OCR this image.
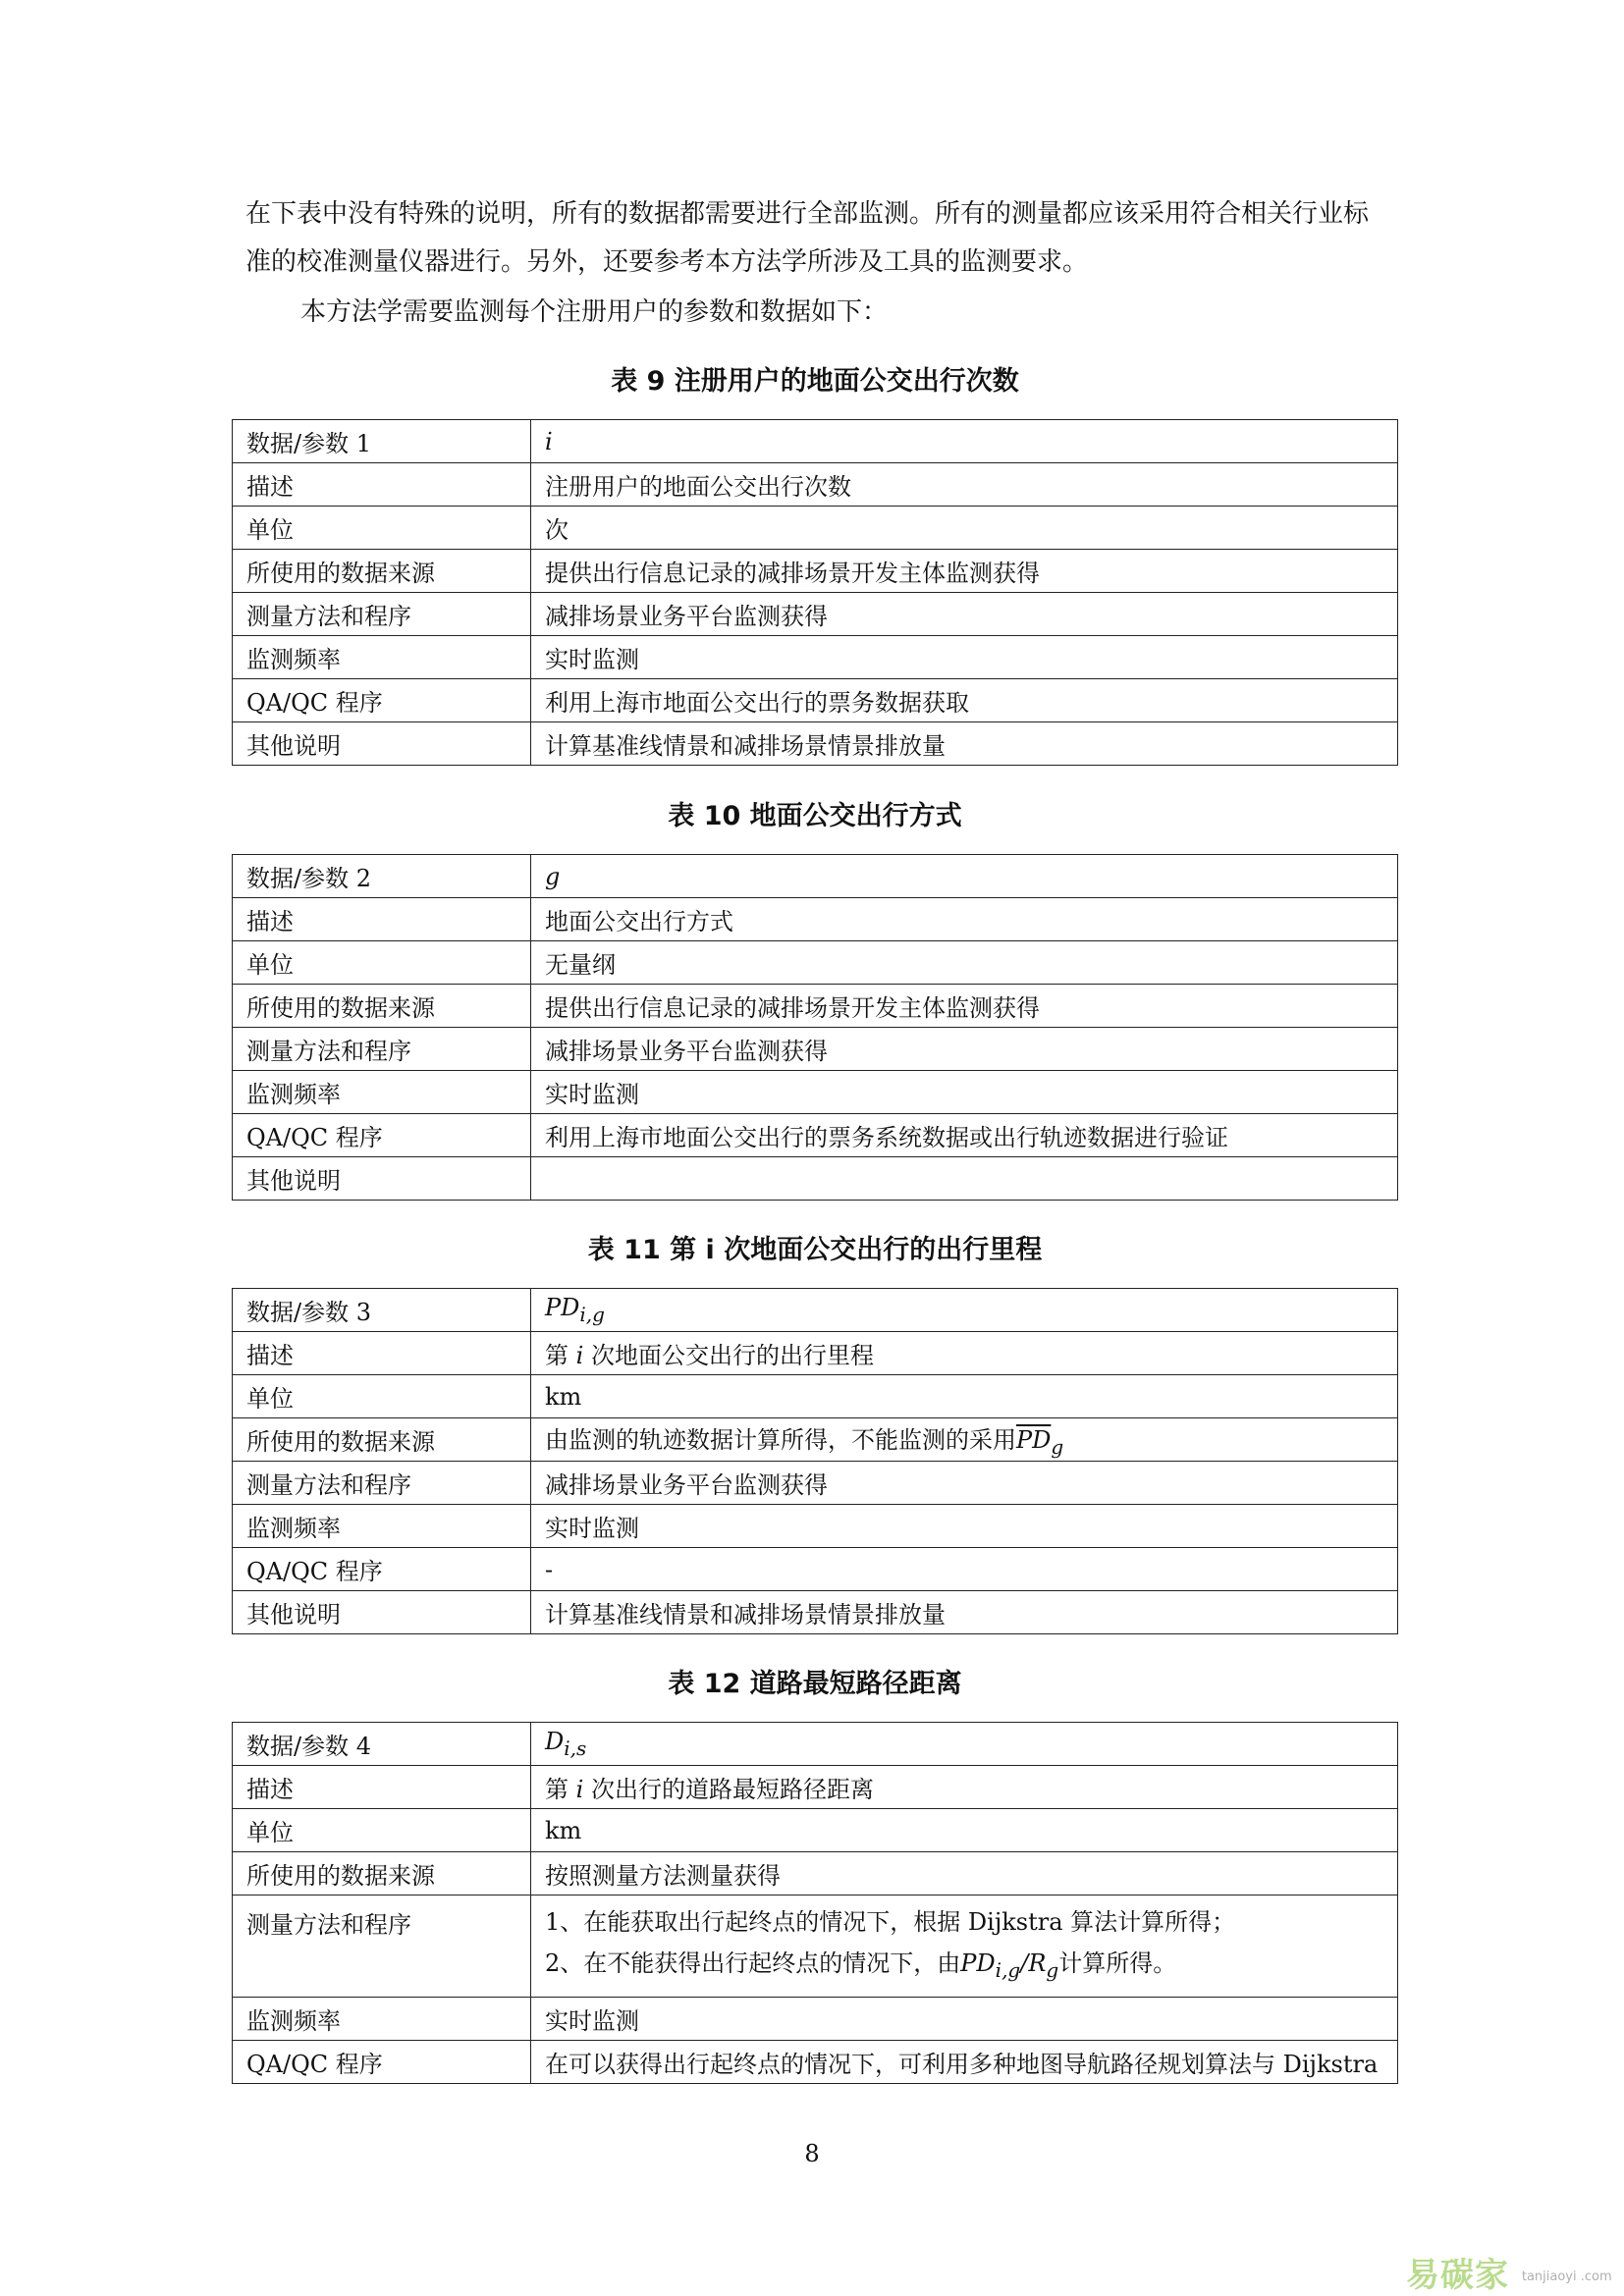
在下表中没有特殊的说明，所有的数据都需要进行全部监测。所有的测量都应该采用符合相关行业标准的校准测量仪器进行。另外，还要参考本方法学所涉及工具的监测要求。

本方法学需要监测每个注册用户的参数和数据如下：

表 9 注册用户的地面公交出行次数

数据/参数 1	i
描述	注册用户的地面公交出行次数
单位	次
所使用的数据来源	提供出行信息记录的减排场景开发主体监测获得
测量方法和程序	减排场景业务平台监测获得
监测频率	实时监测
QA/QC 程序	利用上海市地面公交出行的票务数据获取
其他说明	计算基准线情景和减排场景情景排放量

表 10 地面公交出行方式

数据/参数 2	g
描述	地面公交出行方式
单位	无量纲
所使用的数据来源	提供出行信息记录的减排场景开发主体监测获得
测量方法和程序	减排场景业务平台监测获得
监测频率	实时监测
QA/QC 程序	利用上海市地面公交出行的票务系统数据或出行轨迹数据进行验证
其他说明	

表 11 第 i 次地面公交出行的出行里程

数据/参数 3	$PD_{i,g}$
描述	第 i 次地面公交出行的出行里程
单位	km
所使用的数据来源	由监测的轨迹数据计算所得，不能监测的采用$\overline{PD}_g$
测量方法和程序	减排场景业务平台监测获得
监测频率	实时监测
QA/QC 程序	-
其他说明	计算基准线情景和减排场景情景排放量

表 12 道路最短路径距离

数据/参数 4	$D_{i,s}$
描述	第 i 次出行的道路最短路径距离
单位	km
所使用的数据来源	按照测量方法测量获得
测量方法和程序	1、在能获取出行起终点的情况下，根据 Dijkstra 算法计算所得；
2、在不能获得出行起终点的情况下，由$PD_{i,g}/R_g$计算所得。

监测频率	实时监测
QA/QC 程序	在可以获得出行起终点的情况下，可利用多种地图导航路径规划算法与 Dijkstra
8
易碳家 tanjiaoyi .com
